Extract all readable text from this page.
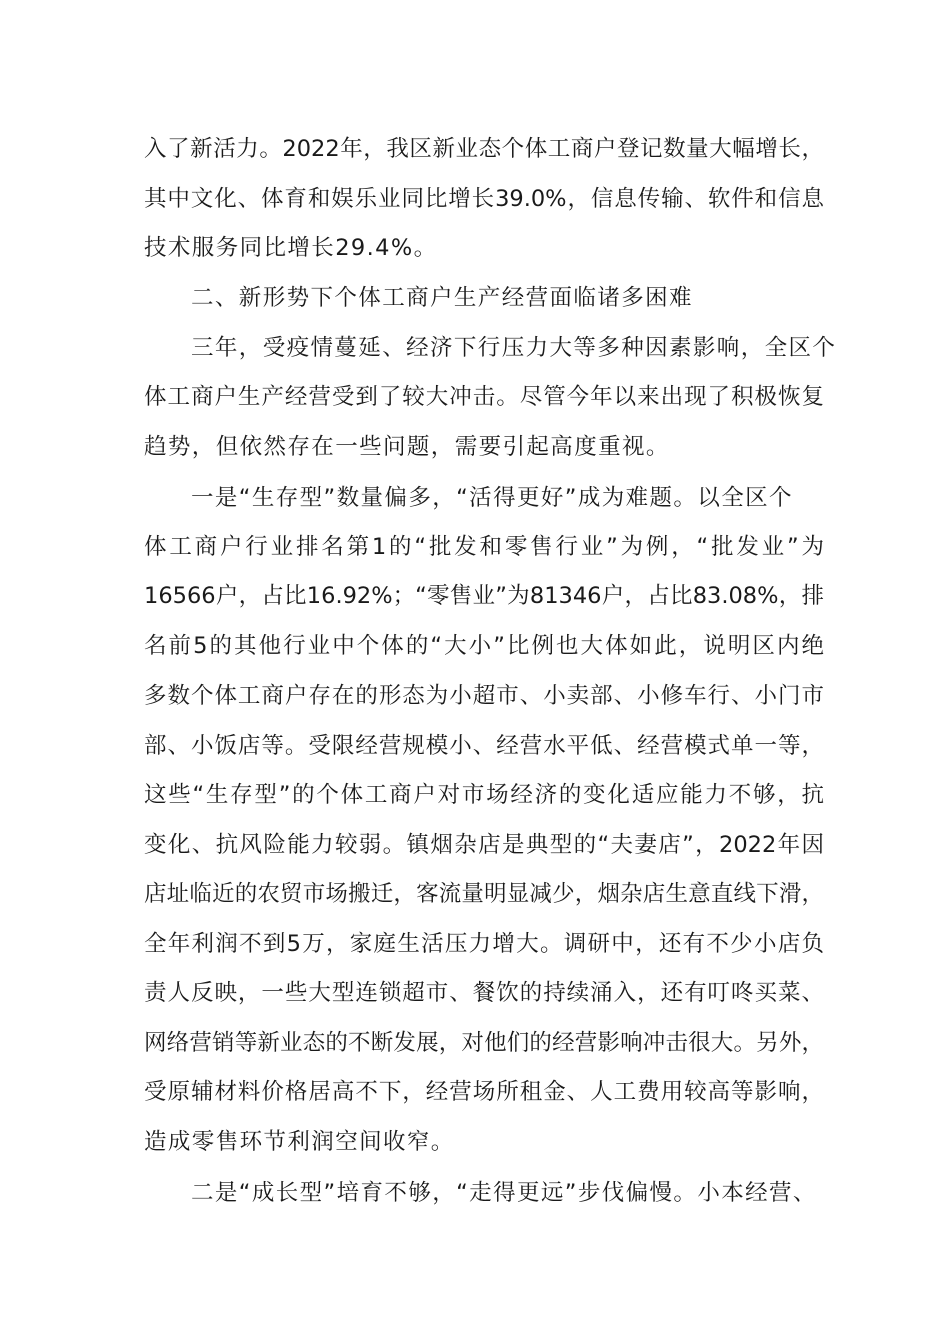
入了新活力。2022年，我区新业态个体工商户登记数量大幅增长，

其中文化、体育和娱乐业同比增长39.0%，信息传输、软件和信息

技术服务同比增长29.4%。

二、新形势下个体工商户生产经营面临诸多困难

三年，受疫情蔓延、经济下行压力大等多种因素影响，全区个

体工商户生产经营受到了较大冲击。尽管今年以来出现了积极恢复

趋势，但依然存在一些问题，需要引起高度重视。

一是“生存型”数量偏多，“活得更好”成为难题。以全区个

体工商户行业排名第1的“批发和零售行业”为例，“批发业”为

16566户，占比16.92%；“零售业”为81346户，占比83.08%，排

名前5的其他行业中个体的“大小”比例也大体如此，说明区内绝

多数个体工商户存在的形态为小超市、小卖部、小修车行、小门市

部、小饭店等。受限经营规模小、经营水平低、经营模式单一等，

这些“生存型”的个体工商户对市场经济的变化适应能力不够，抗

变化、抗风险能力较弱。镇烟杂店是典型的“夫妻店”，2022年因

店址临近的农贸市场搬迁，客流量明显减少，烟杂店生意直线下滑，

全年利润不到5万，家庭生活压力增大。调研中，还有不少小店负

责人反映，一些大型连锁超市、餐饮的持续涌入，还有叮咚买菜、

网络营销等新业态的不断发展，对他们的经营影响冲击很大。另外，

受原辅材料价格居高不下，经营场所租金、人工费用较高等影响，

造成零售环节利润空间收窄。

二是“成长型”培育不够，“走得更远”步伐偏慢。小本经营、
